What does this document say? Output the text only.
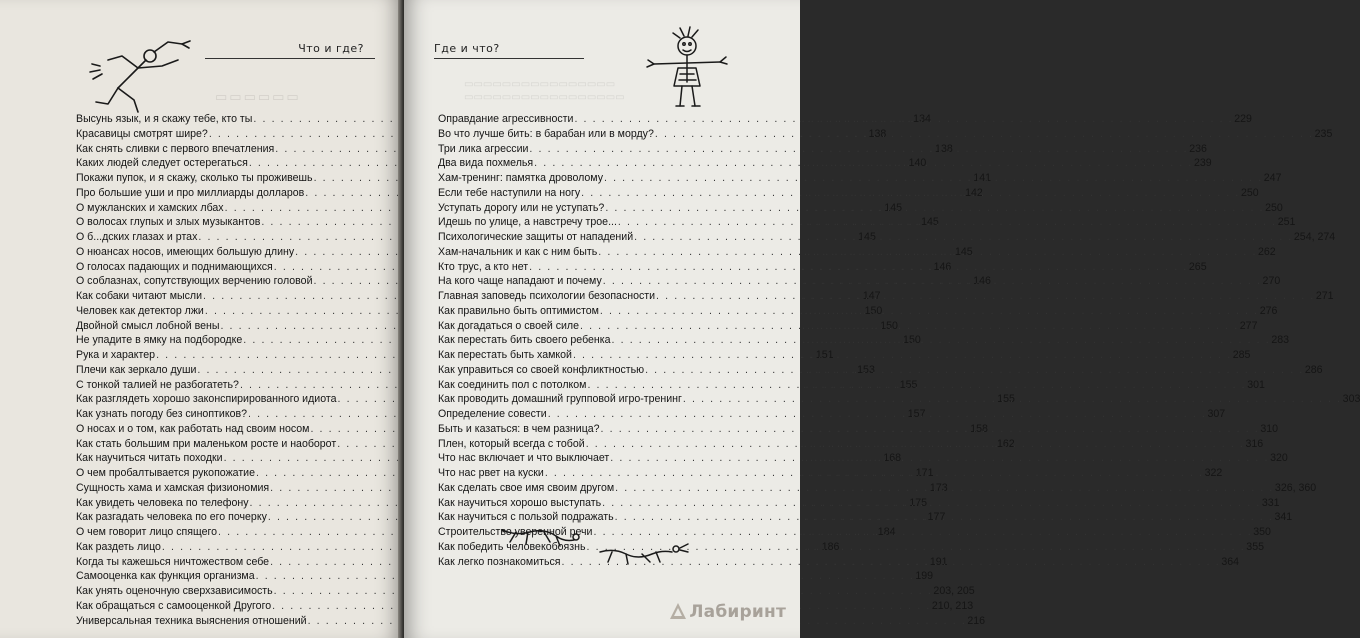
▭▭▭▭▭▭
Что и где?
Высунь язык, и я скажу тебе, кто ты . . .	134
Красавицы смотрят шире? . . .	138
Как снять сливки с первого впечатления . . .	138
Каких людей следует остерегаться . . .	140
Покажи пупок, и я скажу, сколько ты проживешь . . .	141
Про большие уши и про миллиарды долларов . . .	142
О мужланских и хамских лбах . . .	145
О волосах глупых и злых музыкантов . . .	145
О б...дских глазах и ртах . . .	145
О нюансах носов, имеющих большую длину . . .	145
О голосах падающих и поднимающихся . . .	146
О соблазнах, сопутствующих верчению головой . . .	146
Как собаки читают мысли . . .	147
Человек как детектор лжи . . .	150
Двойной смысл лобной вены . . .	150
Не упадите в ямку на подбородке . . .	150
Рука и характер . . .	151
Плечи как зеркало души . . .	153
С тонкой талией не разбогатеть? . . .	155
Как разглядеть хорошо законспирированного идиота . . .	155
Как узнать погоду без синоптиков? . . .	157
О носах и о том, как работать над своим носом . . .	158
Как стать большим при маленьком росте и наоборот . . .	162
Как научиться читать походки . . .	168
О чем пробалтывается рукопожатие . . .	171
Сущность хама и хамская физиономия . . .	173
Как увидеть человека по телефону . . .	175
Как разгадать человека по его почерку . . .	177
О чем говорит лицо спящего . . .	184
Как раздеть лицо . . .	186
Когда ты кажешься ничтожеством себе . . .	191
Самооценка как функция организма . . .	199
Как унять оценочную сверхзависимость . . .	203, 205
Как обращаться с самооценкой Другого . . .	210, 213
Универсальная техника выяснения отношений . . .	216
Где и что?
▭▭▭▭▭▭▭▭▭▭▭▭▭▭▭▭
▭▭▭▭▭▭▭▭▭▭▭▭▭▭▭▭▭
Оправдание агрессивности . . .	229
Во что лучше бить: в барабан или в морду? . . .	235
Три лика агрессии . . .	236
Два вида похмелья . . .	239
Хам-тренинг: памятка дроволому . . .	247
Если тебе наступили на ногу . . .	250
Уступать дорогу или не уступать? . . .	250
Идешь по улице, а навстречу трое... . . .	251
Психологические защиты от нападений . . .	254, 274
Хам-начальник и как с ним быть . . .	262
Кто трус, а кто нет . . .	265
На кого чаще нападают и почему . . .	270
Главная заповедь психологии безопасности . . .	271
Как правильно быть оптимистом . . .	276
Как догадаться о своей силе . . .	277
Как перестать бить своего ребенка . . .	283
Как перестать быть хамкой . . .	285
Как управиться со своей конфликтностью . . .	286
Как соединить пол с потолком . . .	301
Как проводить домашний групповой игро-тренинг . . .	303
Определение совести . . .	307
Быть и казаться: в чем разница? . . .	310
Плен, который всегда с тобой . . .	316
Что нас включает и что выключает . . .	320
Что нас рвет на куски . . .	322
Как сделать свое имя своим другом . . .	326, 360
Как научиться хорошо выступать . . .	331
Как научиться с пользой подражать . . .	341
Строительство уверенной речи . . .	350
Как победить человекобоязнь . . .	355
Как легко познакомиться . . .	364
Лабиринт
